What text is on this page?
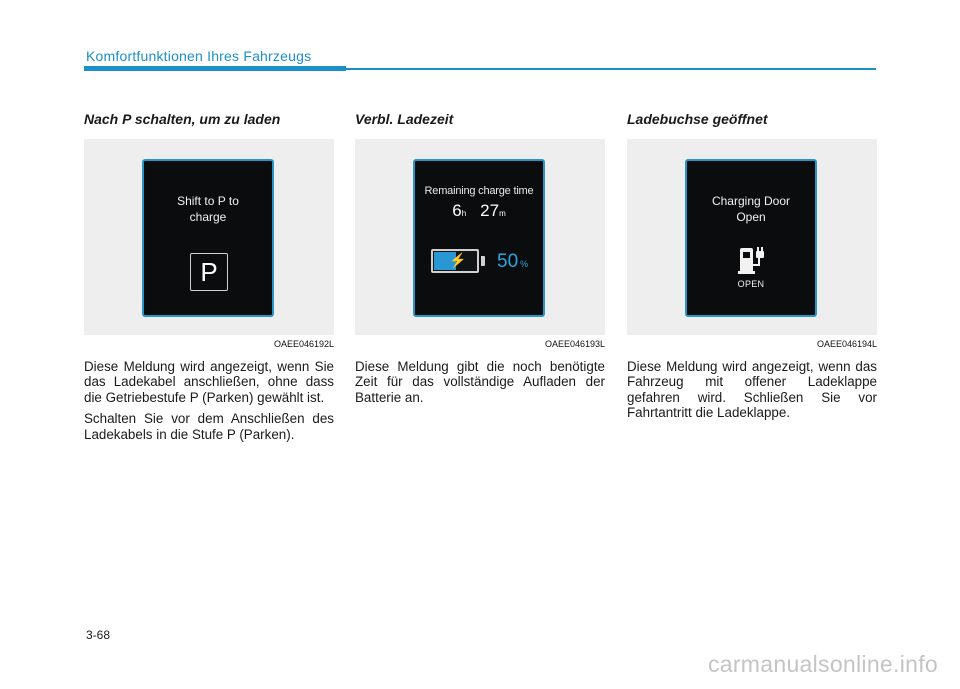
Komfortfunktionen Ihres Fahrzeugs
Nach P schalten, um zu laden
Shift to P to
charge
P
OAEE046192L

Diese Meldung wird angezeigt, wenn Sie das Ladekabel anschließen, ohne dass die Getriebestufe P (Parken) gewählt ist.

Schalten Sie vor dem Anschließen des Ladekabels in die Stufe P (Parken).

Verbl. Ladezeit
Remaining charge time
6h 27m
⚡ 50 %
OAEE046193L

Diese Meldung gibt die noch benötigte Zeit für das vollständige Aufladen der Batterie an.

Ladebuchse geöffnet
Charging Door
Open
OPEN
OAEE046194L

Diese Meldung wird angezeigt, wenn das Fahrzeug mit offener Ladeklappe gefahren wird. Schließen Sie vor Fahrtantritt die Ladeklappe.

3-68
carmanualsonline.info
